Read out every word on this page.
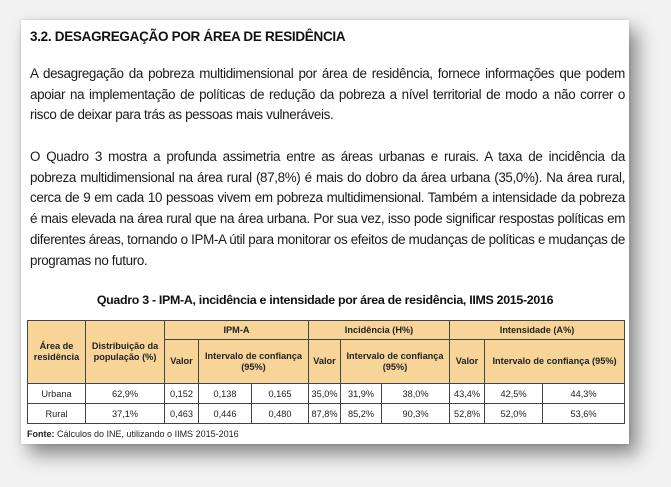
3.2. DESAGREGAÇÃO POR ÁREA DE RESIDÊNCIA
A desagregação da pobreza multidimensional por área de residência, fornece informações que podem apoiar na implementação de políticas de redução da pobreza a nível territorial de modo a não correr o risco de deixar para trás as pessoas mais vulneráveis.
O Quadro 3 mostra a profunda assimetria entre as áreas urbanas e rurais. A taxa de incidência da pobreza multidimensional na área rural (87,8%) é mais do dobro da área urbana (35,0%). Na área rural, cerca de 9 em cada 10 pessoas vivem em pobreza multidimensional. Também a intensidade da pobreza é mais elevada na área rural que na área urbana. Por sua vez, isso pode significar respostas políticas em diferentes áreas, tornando o IPM-A útil para monitorar os efeitos de mudanças de políticas e mudanças de programas no futuro.
Quadro 3 - IPM-A, incidência e intensidade por área de residência, IIMS 2015-2016
Área de residência	Distribuição da população (%)	IPM-A			Incidência (H%)			Intensidade (A%)		
		Valor	Intervalo de confiança (95%)		Valor	Intervalo de confiança (95%)		Valor	Intervalo de confiança (95%)	
Urbana	62,9%	0,152	0,138	0,165	35,0%	31,9%	38,0%	43,4%	42,5%	44,3%
Rural	37,1%	0,463	0,446	0,480	87,8%	85,2%	90,3%	52,8%	52,0%	53,6%
Fonte: Cálculos do INE, utilizando o IIMS 2015-2016
